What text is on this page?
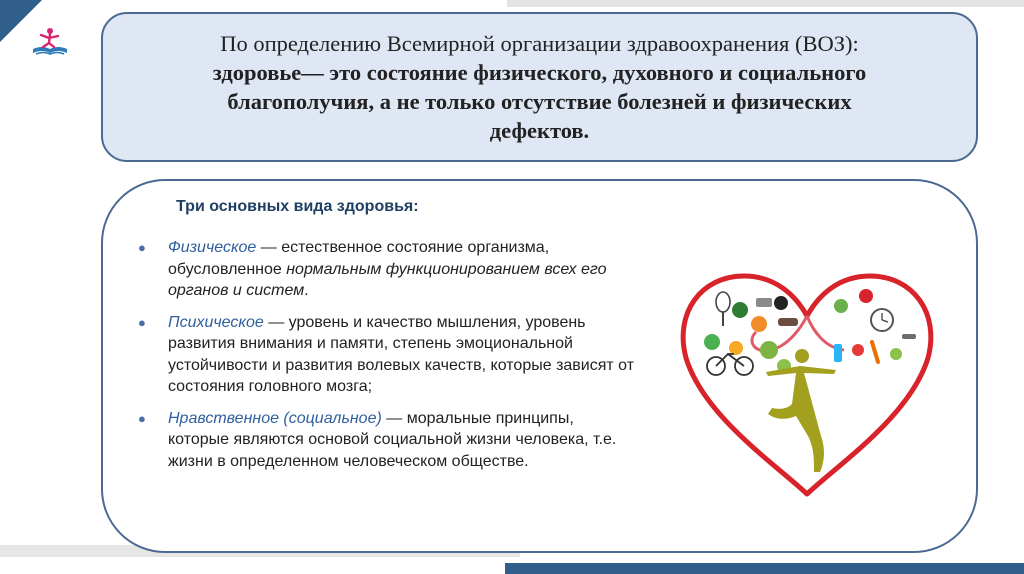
По определению Всемирной организации здравоохранения (ВОЗ):
здоровье— это состояние физического, духовного и социального
благополучия, а не только отсутствие болезней и физических
дефектов.
Три основных вида здоровья:
● Физическое — естественное состояние организма, обусловленное нормальным функционированием всех его органов и систем.
● Психическое — уровень и качество мышления, уровень развития внимания и памяти, степень эмоциональной устойчивости и развития волевых качеств, которые зависят от состояния головного мозга;
● Нравственное (социальное) — моральные принципы, которые являются основой социальной жизни человека, т.е. жизни в определенном человеческом обществе.
